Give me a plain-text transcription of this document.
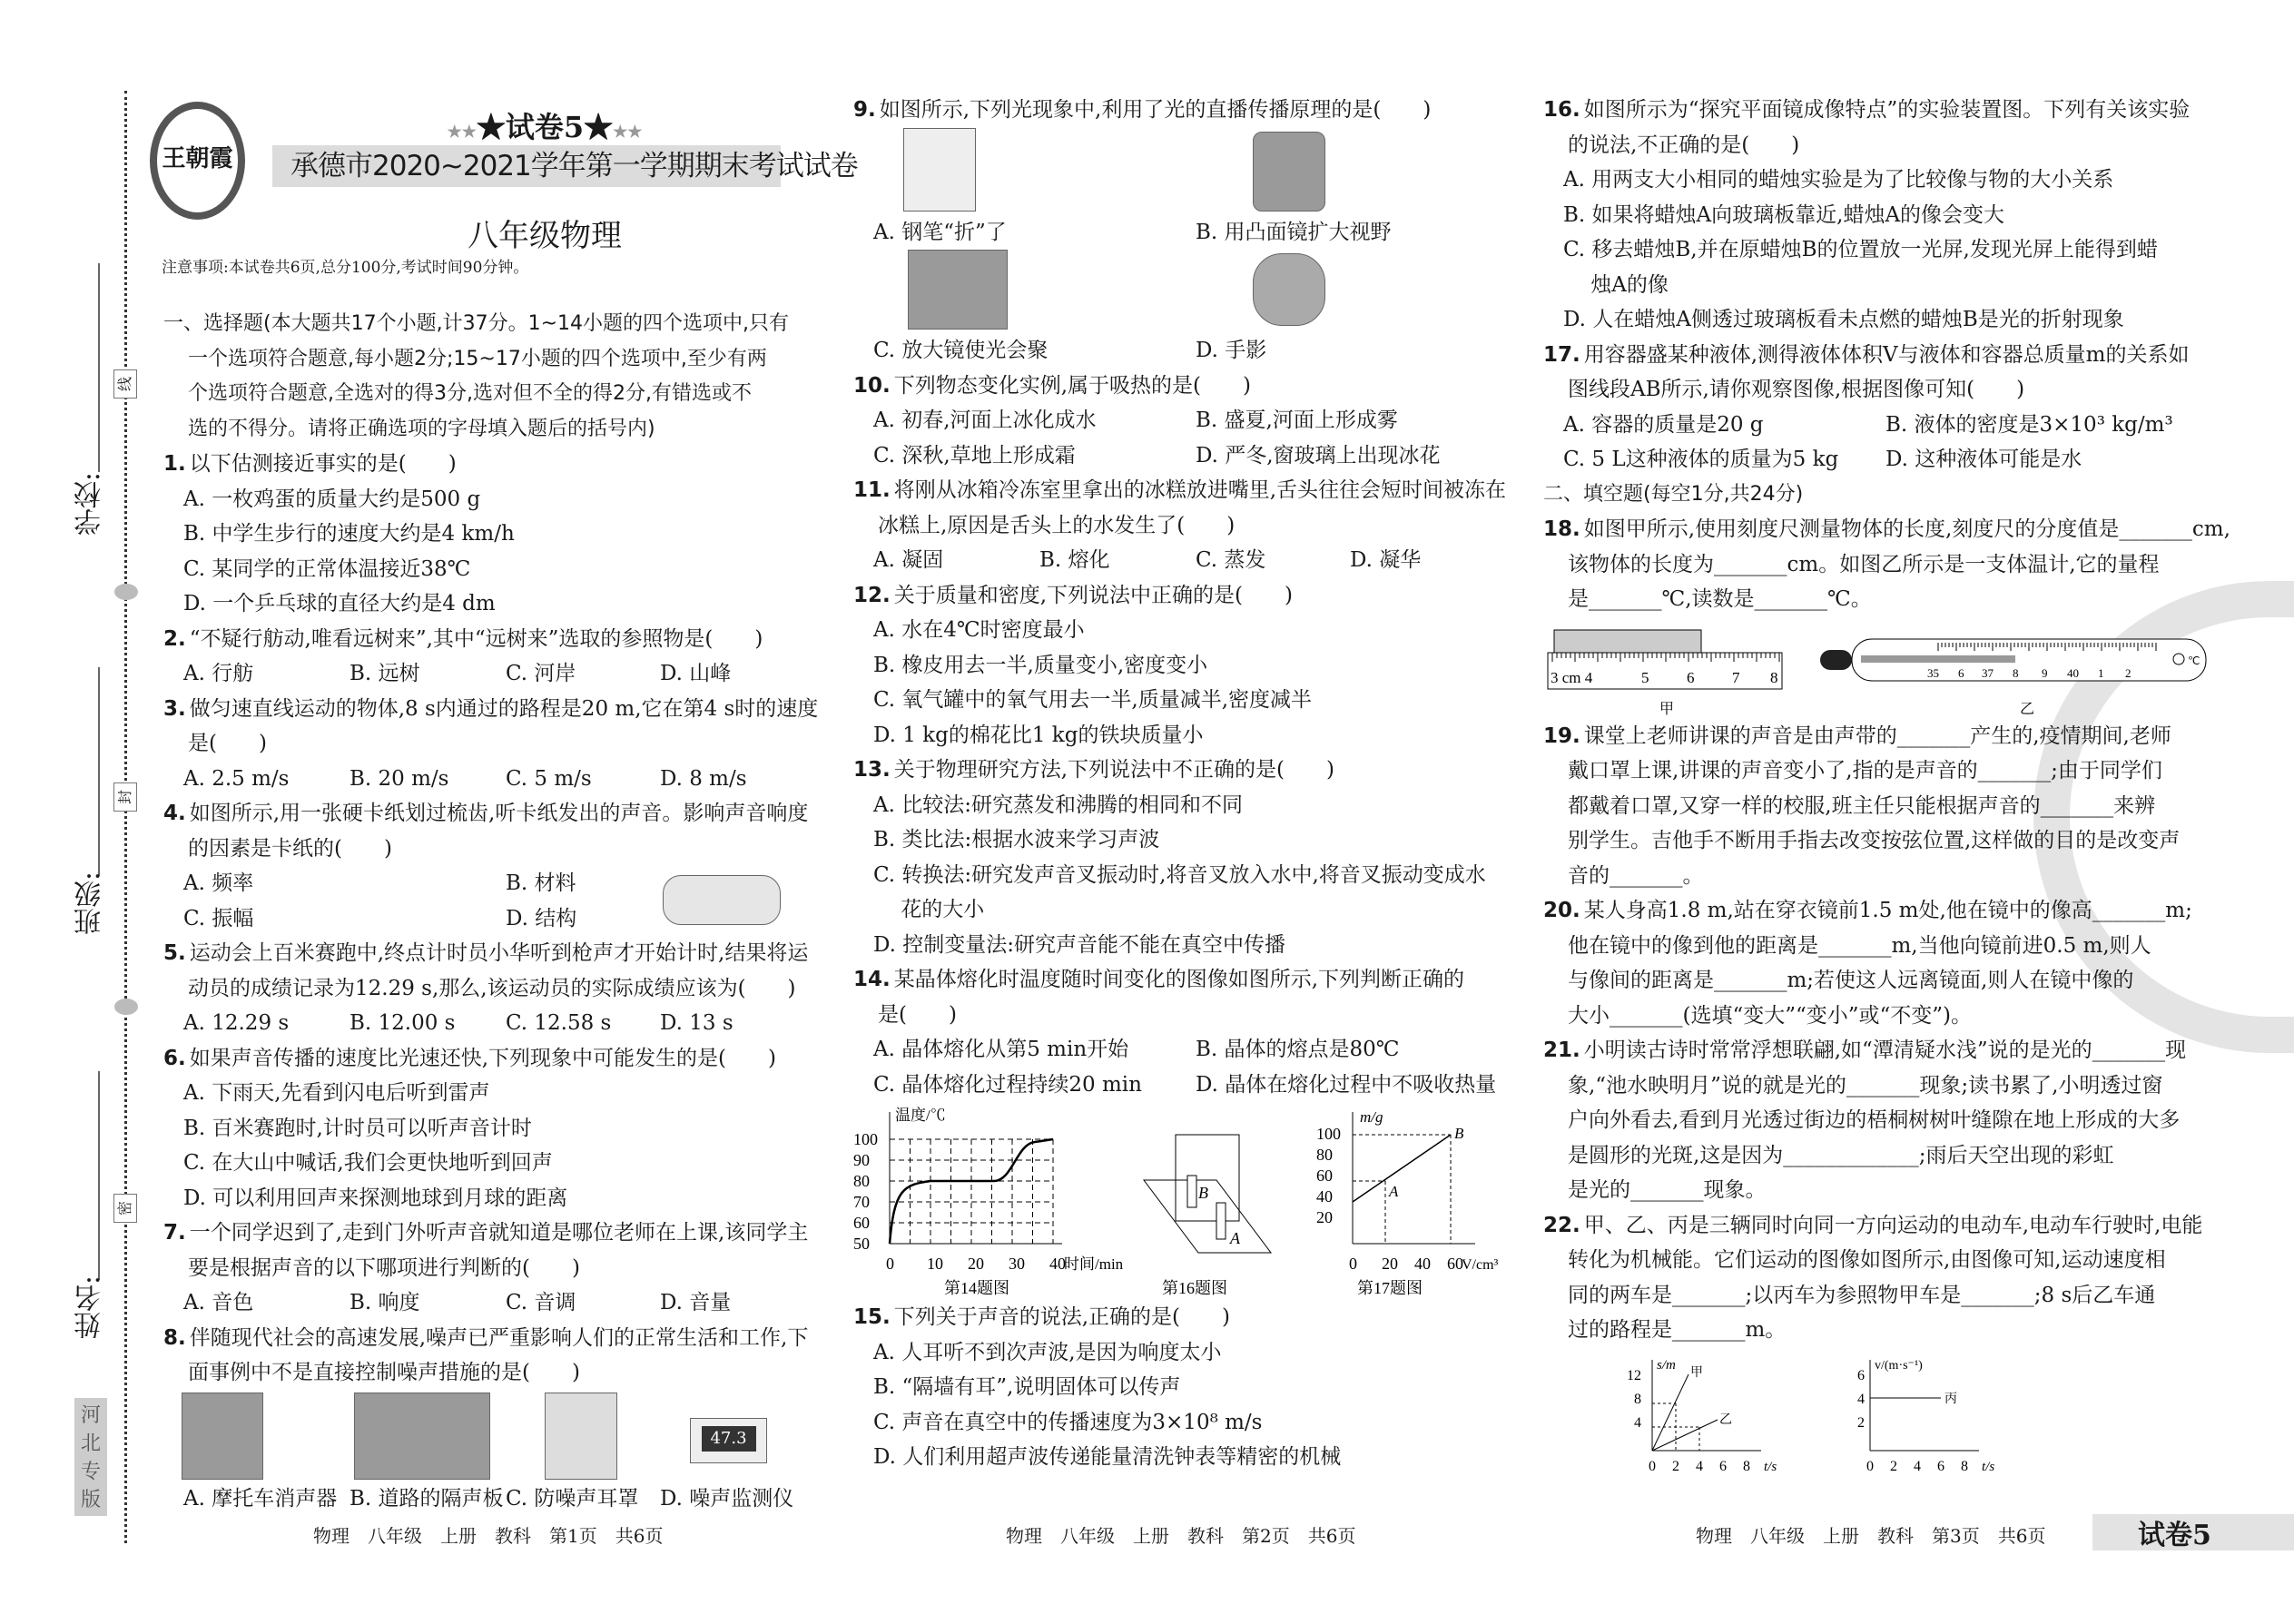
学校:
班级:
姓名:
线
封
密
河北专版
王朝霞
★★★试卷5★★★
承德市2020~2021学年第一学期期末考试试卷
八年级物理
注意事项:本试卷共6页,总分100分,考试时间90分钟。
一、选择题(本大题共17个小题,计37分。1~14小题的四个选项中,只有
一个选项符合题意,每小题2分;15~17小题的四个选项中,至少有两
个选项符合题意,全选对的得3分,选对但不全的得2分,有错选或不
选的不得分。请将正确选项的字母填入题后的括号内)
1. 以下估测接近事实的是(　　)
A. 一枚鸡蛋的质量大约是500 g
B. 中学生步行的速度大约是4 km/h
C. 某同学的正常体温接近38℃
D. 一个乒乓球的直径大约是4 dm
2. “不疑行舫动,唯看远树来”,其中“远树来”选取的参照物是(　　)
A. 行舫	B. 远树	C. 河岸	D. 山峰
3. 做匀速直线运动的物体,8 s内通过的路程是20 m,它在第4 s时的速度
是(　　)
A. 2.5 m/s	B. 20 m/s	C. 5 m/s	D. 8 m/s
4. 如图所示,用一张硬卡纸划过梳齿,听卡纸发出的声音。影响声音响度
的因素是卡纸的(　　)
A. 频率	B. 材料
C. 振幅	D. 结构
5. 运动会上百米赛跑中,终点计时员小华听到枪声才开始计时,结果将运
动员的成绩记录为12.29 s,那么,该运动员的实际成绩应该为(　　)
A. 12.29 s	B. 12.00 s	C. 12.58 s	D. 13 s
6. 如果声音传播的速度比光速还快,下列现象中可能发生的是(　　)
A. 下雨天,先看到闪电后听到雷声
B. 百米赛跑时,计时员可以听声音计时
C. 在大山中喊话,我们会更快地听到回声
D. 可以利用回声来探测地球到月球的距离
7. 一个同学迟到了,走到门外听声音就知道是哪位老师在上课,该同学主
要是根据声音的以下哪项进行判断的(　　)
A. 音色	B. 响度	C. 音调	D. 音量
8. 伴随现代社会的高速发展,噪声已严重影响人们的正常生活和工作,下
面事例中不是直接控制噪声措施的是(　　)
47.3
A. 摩托车消声器 B. 道路的隔声板 C. 防噪声耳罩	D. 噪声监测仪
9. 如图所示,下列光现象中,利用了光的直播传播原理的是(　　)
A. 钢笔“折”了	B. 用凸面镜扩大视野
C. 放大镜使光会聚	D. 手影
10. 下列物态变化实例,属于吸热的是(　　)
A. 初春,河面上冰化成水	B. 盛夏,河面上形成雾
C. 深秋,草地上形成霜	D. 严冬,窗玻璃上出现冰花
11. 将刚从冰箱冷冻室里拿出的冰糕放进嘴里,舌头往往会短时间被冻在
冰糕上,原因是舌头上的水发生了(　　)
A. 凝固	B. 熔化	C. 蒸发	D. 凝华
12. 关于质量和密度,下列说法中正确的是(　　)
A. 水在4℃时密度最小
B. 橡皮用去一半,质量变小,密度变小
C. 氧气罐中的氧气用去一半,质量减半,密度减半
D. 1 kg的棉花比1 kg的铁块质量小
13. 关于物理研究方法,下列说法中不正确的是(　　)
A. 比较法:研究蒸发和沸腾的相同和不同
B. 类比法:根据水波来学习声波
C. 转换法:研究发声音叉振动时,将音叉放入水中,将音叉振动变成水
　 花的大小
D. 控制变量法:研究声音能不能在真空中传播
14. 某晶体熔化时温度随时间变化的图像如图所示,下列判断正确的
是(　　)
A. 晶体熔化从第5 min开始	B. 晶体的熔点是80℃
C. 晶体熔化过程持续20 min	D. 晶体在熔化过程中不吸收热量
50
60
70
80
90
100
0 10 20 30 40
温度/℃
时间/min
第14题图
B
A
第16题图
100
80
60
40
20
0 20 40 60
m/g
V/cm³
A
B
第17题图
15. 下列关于声音的说法,正确的是(　　)
A. 人耳听不到次声波,是因为响度太小
B. “隔墙有耳”,说明固体可以传声
C. 声音在真空中的传播速度为3×10⁸ m/s
D. 人们利用超声波传递能量清洗钟表等精密的机械
16. 如图所示为“探究平面镜成像特点”的实验装置图。下列有关该实验
的说法,不正确的是(　　)
A. 用两支大小相同的蜡烛实验是为了比较像与物的大小关系
B. 如果将蜡烛A向玻璃板靠近,蜡烛A的像会变大
C. 移去蜡烛B,并在原蜡烛B的位置放一光屏,发现光屏上能得到蜡
　 烛A的像
D. 人在蜡烛A侧透过玻璃板看未点燃的蜡烛B是光的折射现象
17. 用容器盛某种液体,测得液体体积V与液体和容器总质量m的关系如
图线段AB所示,请你观察图像,根据图像可知(　　)
A. 容器的质量是20 g	B. 液体的密度是3×10³ kg/m³
C. 5 L这种液体的质量为5 kg	D. 这种液体可能是水
二、填空题(每空1分,共24分)
18. 如图甲所示,使用刻度尺测量物体的长度,刻度尺的分度值是_______cm,
该物体的长度为_______cm。如图乙所示是一支体温计,它的量程
是_______℃,读数是_______℃。
3 cm 4	5 6 7 8
甲
35 6 37 8 9 40 1 2
℃
乙
19. 课堂上老师讲课的声音是由声带的_______产生的,疫情期间,老师
戴口罩上课,讲课的声音变小了,指的是声音的_______;由于同学们
都戴着口罩,又穿一样的校服,班主任只能根据声音的_______来辨
别学生。吉他手不断用手指去改变按弦位置,这样做的目的是改变声
音的_______。
20. 某人身高1.8 m,站在穿衣镜前1.5 m处,他在镜中的像高_______m;
他在镜中的像到他的距离是_______m,当他向镜前进0.5 m,则人
与像间的距离是_______m;若使这人远离镜面,则人在镜中像的
大小_______(选填“变大”“变小”或“不变”)。
21. 小明读古诗时常常浮想联翩,如“潭清疑水浅”说的是光的_______现
象,“池水映明月”说的就是光的_______现象;读书累了,小明透过窗
户向外看去,看到月光透过街边的梧桐树树叶缝隙在地上形成的大多
是圆形的光斑,这是因为_____________;雨后天空出现的彩虹
是光的_______现象。
22. 甲、乙、丙是三辆同时向同一方向运动的电动车,电动车行驶时,电能
转化为机械能。它们运动的图像如图所示,由图像可知,运动速度相
同的两车是_______;以丙车为参照物甲车是_______;8 s后乙车通
过的路程是_______m。
12
8
4
0 2 4 6 8
s/m
t/s
甲
乙
6
4
2
0 2 4 6 8
v/(m·s⁻¹)
t/s
丙
物理　八年级　上册　教科　第1页　共6页	物理　八年级　上册　教科　第2页　共6页	物理　八年级　上册　教科　第3页　共6页	试卷5
